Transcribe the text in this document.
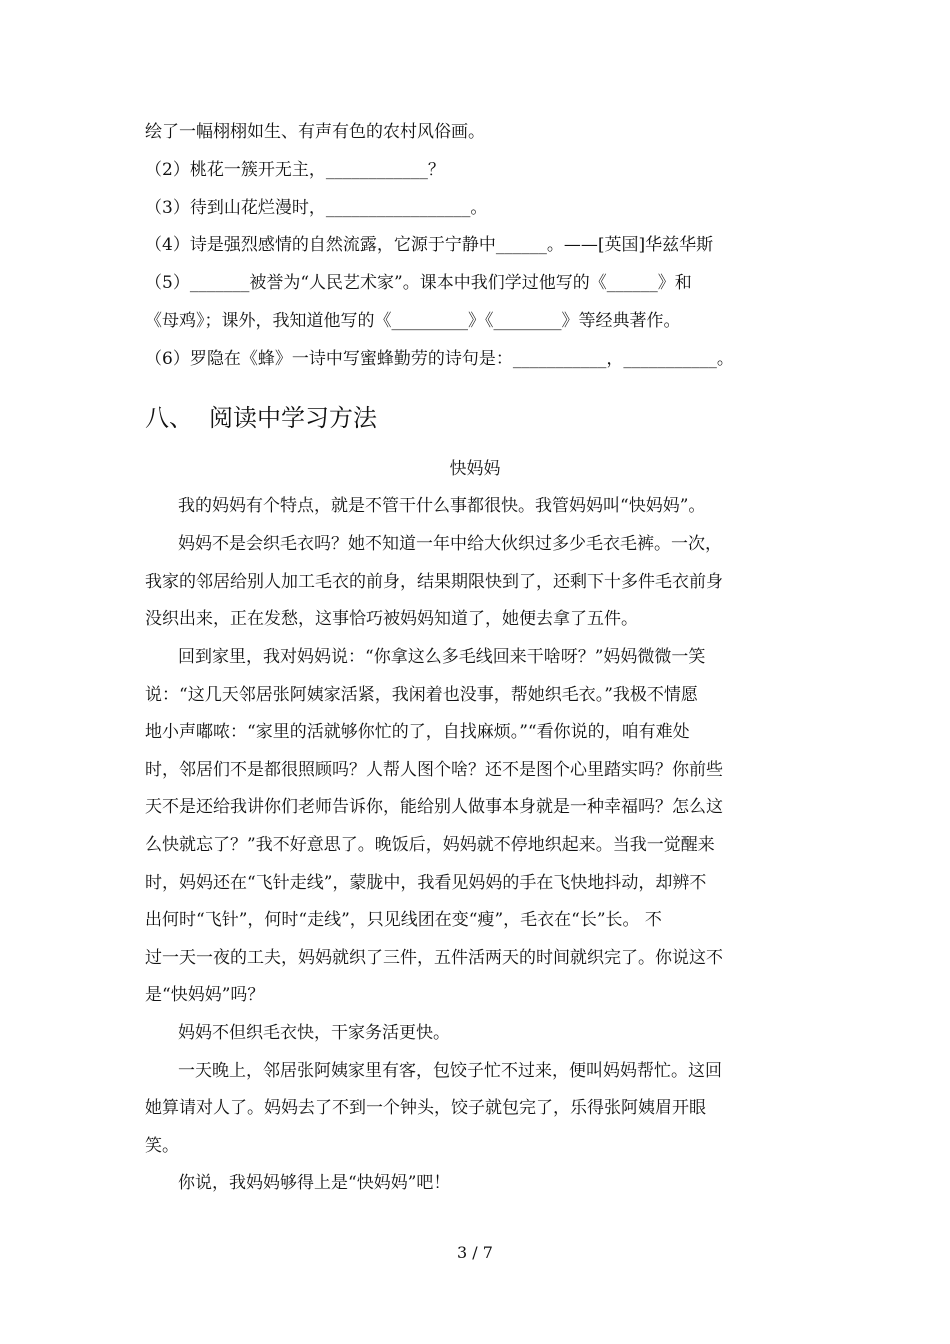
绘了一幅栩栩如生、有声有色的农村风俗画。

（2）桃花一簇开无主，____________？

（3）待到山花烂漫时，_________________。

（4）诗是强烈感情的自然流露，它源于宁静中______。——[英国]华兹华斯

（5）_______被誉为“人民艺术家”。课本中我们学过他写的《______》和

《母鸡》；课外，我知道他写的《_________》《________》等经典著作。

（6）罗隐在《蜂》一诗中写蜜蜂勤劳的诗句是：___________，___________。

八、 阅读中学习方法

快妈妈

我的妈妈有个特点，就是不管干什么事都很快。我管妈妈叫“快妈妈”。

妈妈不是会织毛衣吗？她不知道一年中给大伙织过多少毛衣毛裤。一次，

我家的邻居给别人加工毛衣的前身，结果期限快到了，还剩下十多件毛衣前身

没织出来，正在发愁，这事恰巧被妈妈知道了，她便去拿了五件。

回到家里，我对妈妈说：“你拿这么多毛线回来干啥呀？”妈妈微微一笑

说：“这几天邻居张阿姨家活紧，我闲着也没事，帮她织毛衣。”我极不情愿

地小声嘟哝：“家里的活就够你忙的了，自找麻烦。”“看你说的，咱有难处

时，邻居们不是都很照顾吗？人帮人图个啥？还不是图个心里踏实吗？你前些

天不是还给我讲你们老师告诉你，能给别人做事本身就是一种幸福吗？怎么这

么快就忘了？”我不好意思了。晚饭后，妈妈就不停地织起来。当我一觉醒来

时，妈妈还在“飞针走线”，蒙胧中，我看见妈妈的手在飞快地抖动，却辨不

出何时“飞针”，何时“走线”，只见线团在变“瘦”，毛衣在“长”长。 不

过一天一夜的工夫，妈妈就织了三件，五件活两天的时间就织完了。你说这不

是“快妈妈”吗？

妈妈不但织毛衣快，干家务活更快。

一天晚上，邻居张阿姨家里有客，包饺子忙不过来，便叫妈妈帮忙。这回

她算请对人了。妈妈去了不到一个钟头，饺子就包完了，乐得张阿姨眉开眼

笑。

你说，我妈妈够得上是“快妈妈”吧！

3 / 7
